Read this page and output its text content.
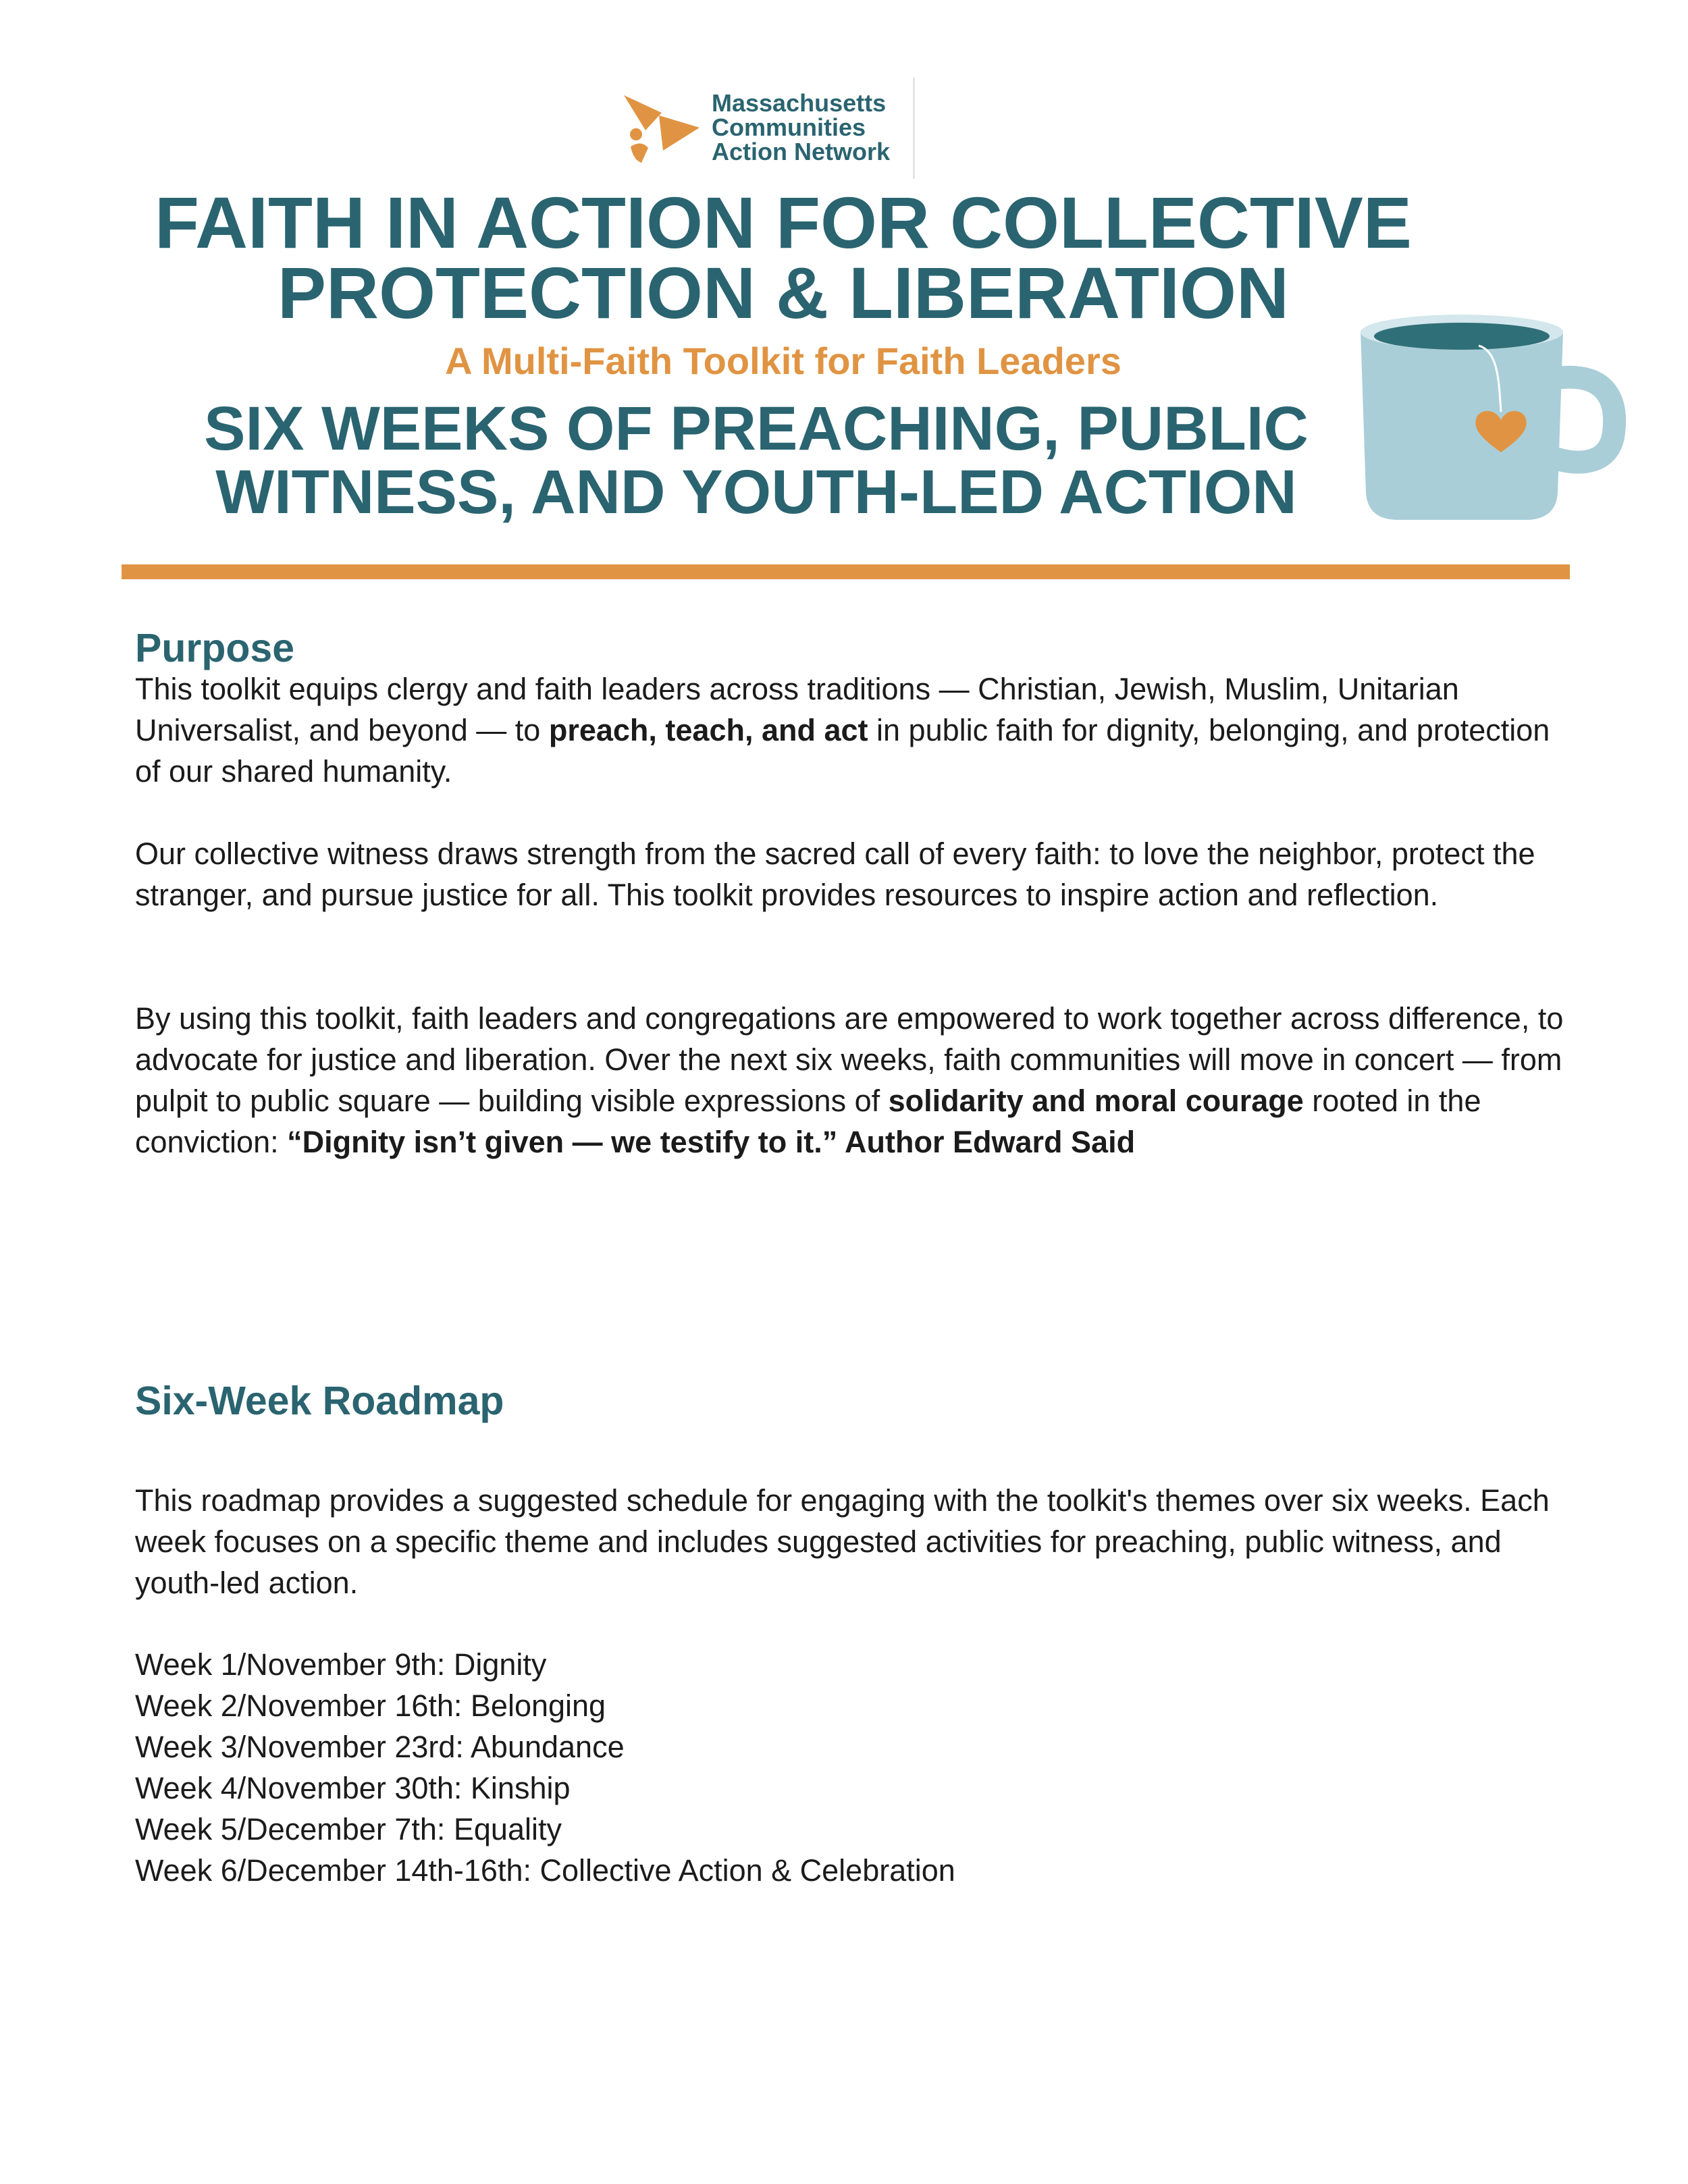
Massachusetts
Communities
Action Network
FAITH IN ACTION FOR COLLECTIVE
PROTECTION & LIBERATION
A Multi-Faith Toolkit for Faith Leaders
SIX WEEKS OF PREACHING, PUBLIC
WITNESS, AND YOUTH-LED ACTION
Purpose

This toolkit equips clergy and faith leaders across traditions — Christian, Jewish, Muslim, Unitarian Universalist, and beyond — to preach, teach, and act in public faith for dignity, belonging, and protection of our shared humanity.

Our collective witness draws strength from the sacred call of every faith: to love the neighbor, protect the stranger, and pursue justice for all. This toolkit provides resources to inspire action and reflection.

By using this toolkit, faith leaders and congregations are empowered to work together across difference, to advocate for justice and liberation. Over the next six weeks, faith communities will move in concert — from pulpit to public square — building visible expressions of solidarity and moral courage rooted in the conviction: “Dignity isn’t given — we testify to it.” Author Edward Said

Six-Week Roadmap

This roadmap provides a suggested schedule for engaging with the toolkit's themes over six weeks. Each week focuses on a specific theme and includes suggested activities for preaching, public witness, and youth-led action.

Week 1/November 9th: Dignity
Week 2/November 16th: Belonging
Week 3/November 23rd: Abundance
Week 4/November 30th: Kinship
Week 5/December 7th: Equality
Week 6/December 14th-16th: Collective Action & Celebration
